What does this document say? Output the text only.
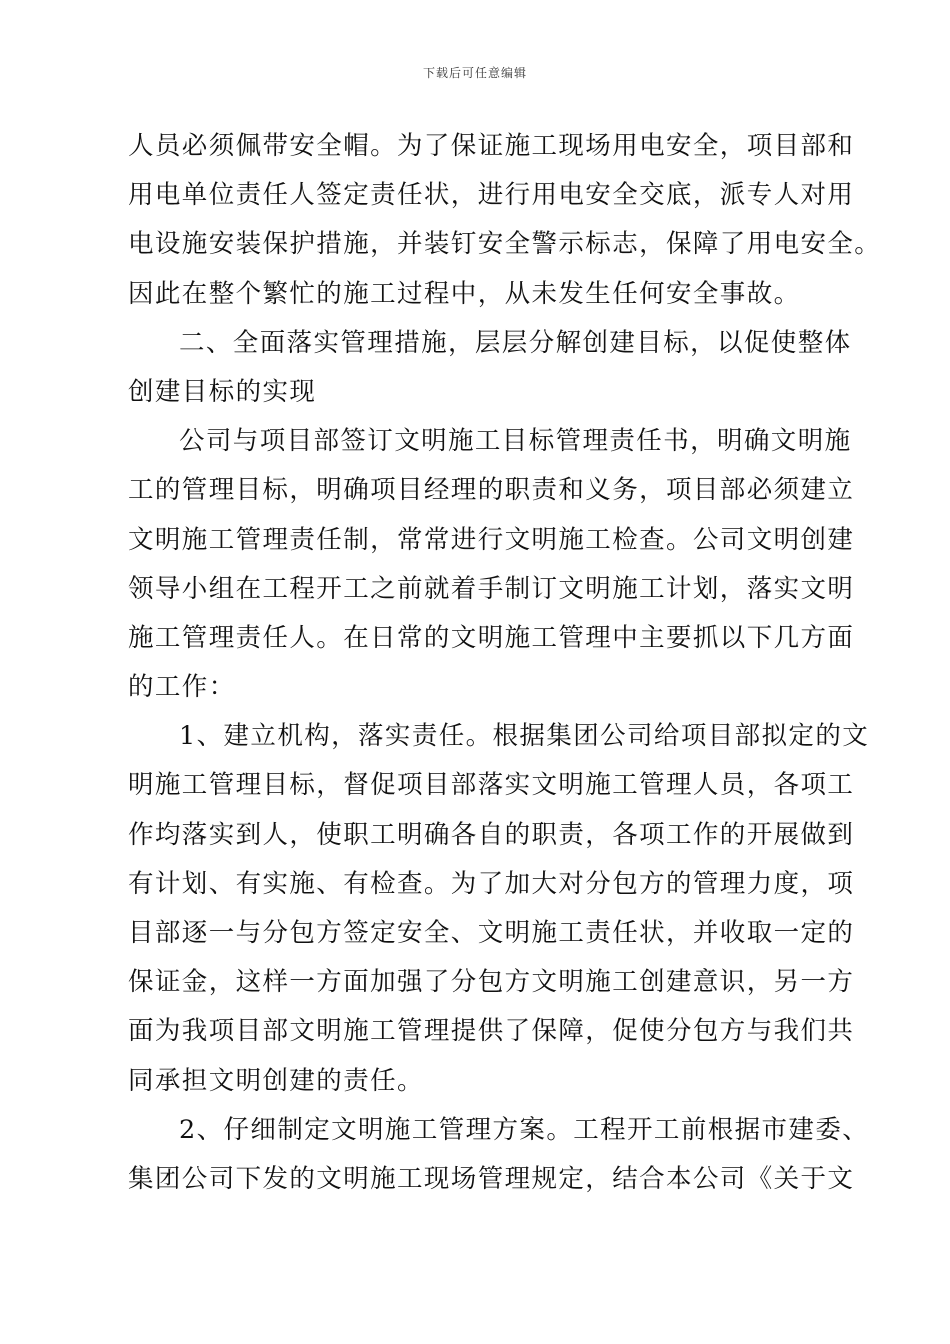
下载后可任意编辑
人员必须佩带安全帽。为了保证施工现场用电安全，项目部和
用电单位责任人签定责任状，进行用电安全交底，派专人对用
电设施安装保护措施，并装钉安全警示标志，保障了用电安全。
因此在整个繁忙的施工过程中，从未发生任何安全事故。
二、全面落实管理措施，层层分解创建目标，以促使整体
创建目标的实现
公司与项目部签订文明施工目标管理责任书，明确文明施
工的管理目标，明确项目经理的职责和义务，项目部必须建立
文明施工管理责任制，常常进行文明施工检查。公司文明创建
领导小组在工程开工之前就着手制订文明施工计划，落实文明
施工管理责任人。在日常的文明施工管理中主要抓以下几方面
的工作：
1、建立机构，落实责任。根据集团公司给项目部拟定的文
明施工管理目标，督促项目部落实文明施工管理人员，各项工
作均落实到人，使职工明确各自的职责，各项工作的开展做到
有计划、有实施、有检查。为了加大对分包方的管理力度，项
目部逐一与分包方签定安全、文明施工责任状，并收取一定的
保证金，这样一方面加强了分包方文明施工创建意识，另一方
面为我项目部文明施工管理提供了保障，促使分包方与我们共
同承担文明创建的责任。
2、仔细制定文明施工管理方案。工程开工前根据市建委、
集团公司下发的文明施工现场管理规定，结合本公司《关于文
